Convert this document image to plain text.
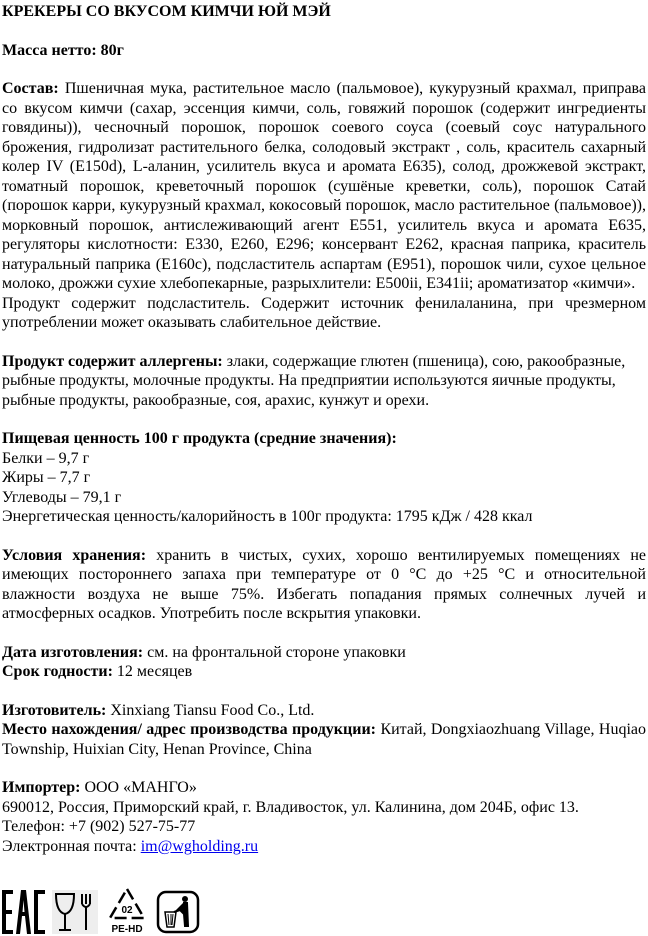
КРЕКЕРЫ СО ВКУСОМ КИМЧИ ЮЙ МЭЙ

Масса нетто: 80г

Состав: Пшеничная мука, растительное масло (пальмовое), кукурузный крахмал, приправа со вкусом кимчи (сахар, эссенция кимчи, соль, говяжий порошок (содержит ингредиенты говядины)), чесночный порошок, порошок соевого соуса (соевый соус натурального брожения, гидролизат растительного белка, солодовый экстракт , соль, краситель сахарный колер IV (E150d), L-аланин, усилитель вкуса и аромата E635), солод, дрожжевой экстракт, томатный порошок, креветочный порошок (сушёные креветки, соль), порошок Сатай (порошок карри, кукурузный крахмал, кокосовый порошок, масло растительное (пальмовое)), морковный порошок, антислеживающий агент E551, усилитель вкуса и аромата E635, регуляторы кислотности: E330, E260, E296; консервант E262, красная паприка, краситель натуральный паприка (E160c), подсластитель аспартам (E951), порошок чили, сухое цельное молоко, дрожжи сухие хлебопекарные, разрыхлители: E500ii, E341ii; ароматизатор «кимчи».

Продукт содержит подсластитель. Содержит источник фенилаланина, при чрезмерном употреблении может оказывать слабительное действие.

Продукт содержит аллергены: злаки, содержащие глютен (пшеница), сою, ракообразные, рыбные продукты, молочные продукты. На предприятии используются яичные продукты, рыбные продукты, ракообразные, соя, арахис, кунжут и орехи.

Пищевая ценность 100 г продукта (средние значения):

Белки – 9,7 г

Жиры – 7,7 г

Углеводы – 79,1 г

Энергетическая ценность/калорийность в 100г продукта: 1795 кДж / 428 ккал

Условия хранения: хранить в чистых, сухих, хорошо вентилируемых помещениях не имеющих постороннего запаха при температуре от 0 °С до +25 °С и относительной влажности воздуха не выше 75%. Избегать попадания прямых солнечных лучей и атмосферных осадков. Употребить после вскрытия упаковки.

Дата изготовления: см. на фронтальной стороне упаковки

Срок годности: 12 месяцев

Изготовитель: Xinxiang Tiansu Food Co., Ltd.

Место нахождения/ адрес производства продукции: Китай, Dongxiaozhuang Village, Huqiao Township, Huixian City, Henan Province, China

Импортер: ООО «МАНГО»

690012, Россия, Приморский край, г. Владивосток, ул. Калинина, дом 204Б, офис 13.

Телефон: +7 (902) 527-75-77

Электронная почта: im@wgholding.ru

02
PE-HD
